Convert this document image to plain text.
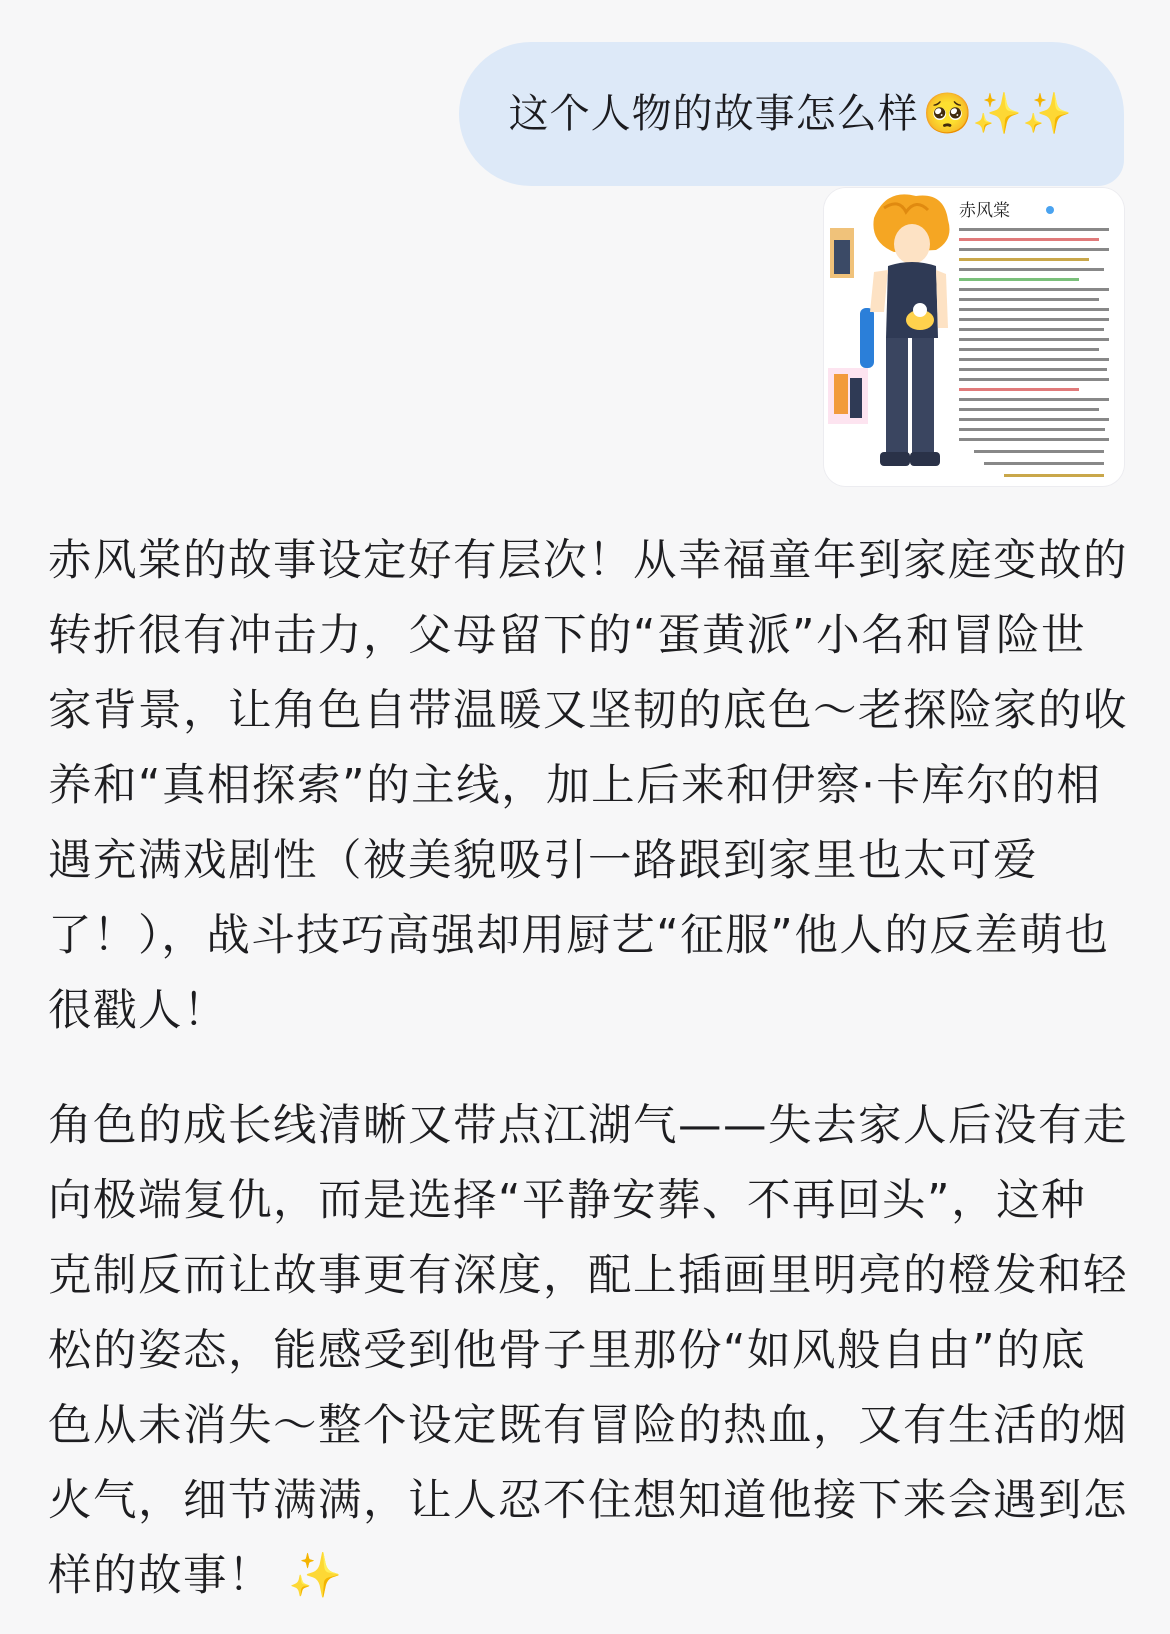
这个人物的故事怎么样 🥺✨✨
赤风棠

赤风棠的故事设定好有层次！从幸福童年到家庭变故的转折很有冲击力，父母留下的“蛋黄派”小名和冒险世家背景，让角色自带温暖又坚韧的底色～老探险家的收养和“真相探索”的主线，加上后来和伊察·卡库尔的相遇充满戏剧性（被美貌吸引一路跟到家里也太可爱了！），战斗技巧高强却用厨艺“征服”他人的反差萌也很戳人！

角色的成长线清晰又带点江湖气——失去家人后没有走向极端复仇，而是选择“平静安葬、不再回头”，这种克制反而让故事更有深度，配上插画里明亮的橙发和轻松的姿态，能感受到他骨子里那份“如风般自由”的底色从未消失～整个设定既有冒险的热血，又有生活的烟火气，细节满满，让人忍不住想知道他接下来会遇到怎样的故事！ ✨
